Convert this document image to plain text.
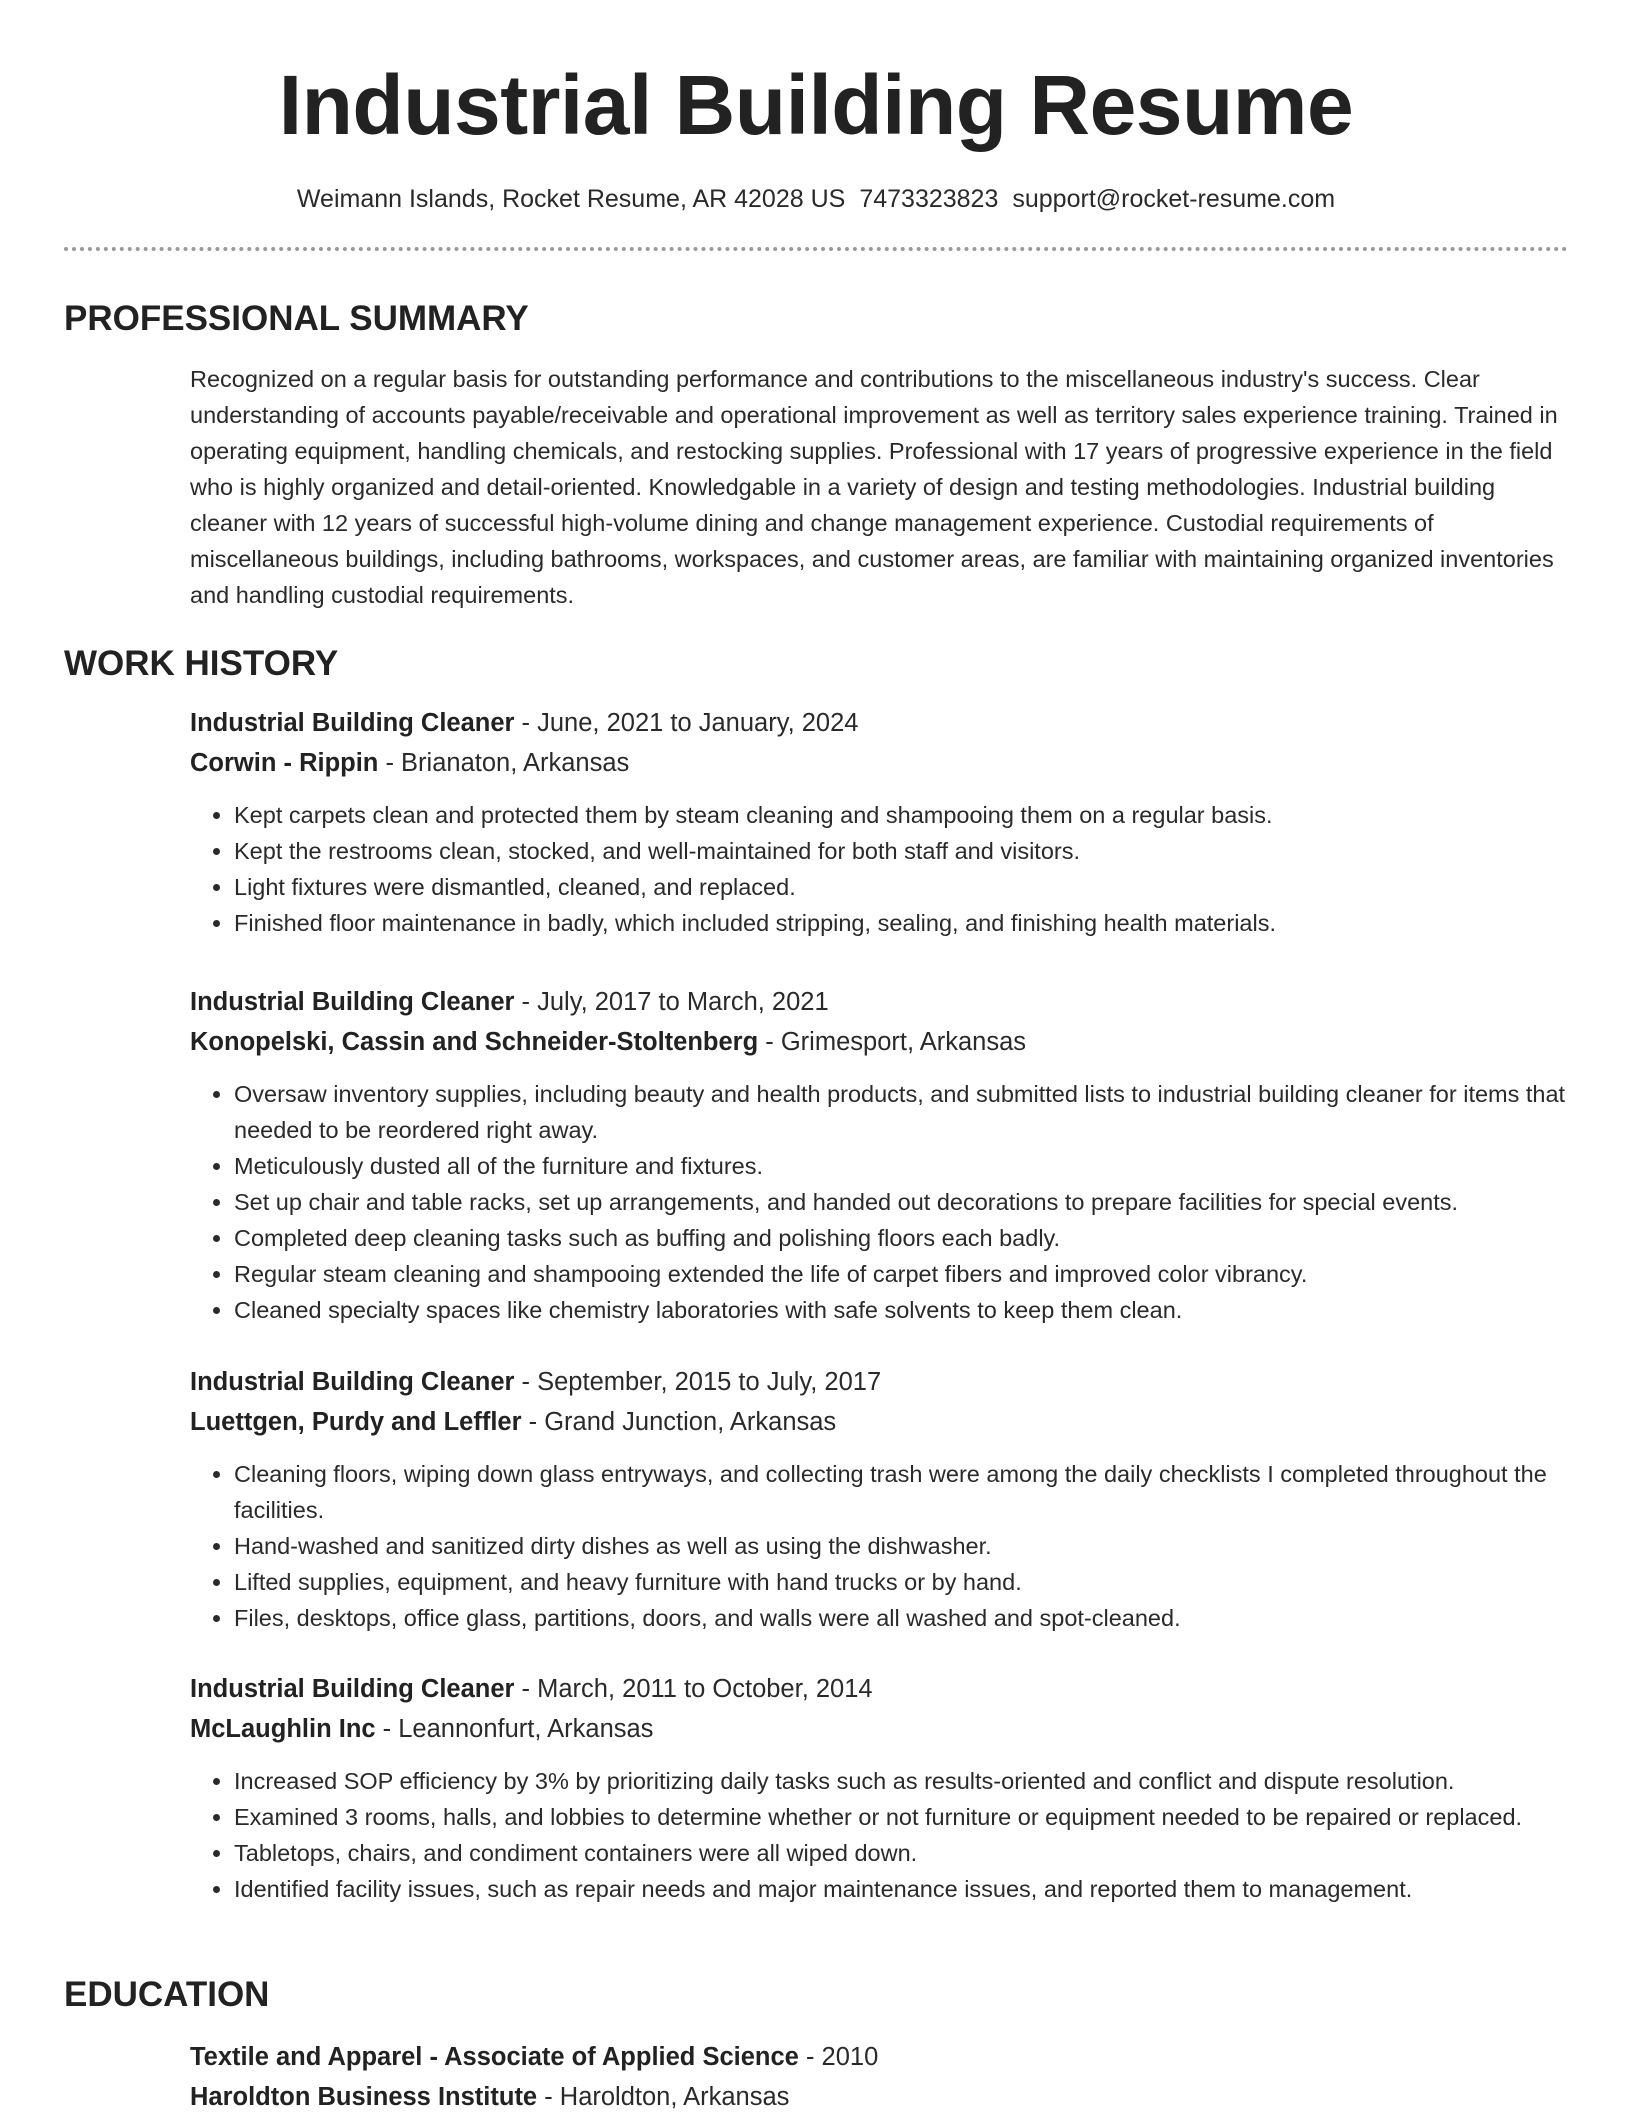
Industrial Building Resume
Weimann Islands, Rocket Resume, AR 42028 US 7473323823 support@rocket-resume.com
PROFESSIONAL SUMMARY
Recognized on a regular basis for outstanding performance and contributions to the miscellaneous industry's success. Clear understanding of accounts payable/receivable and operational improvement as well as territory sales experience training. Trained in operating equipment, handling chemicals, and restocking supplies. Professional with 17 years of progressive experience in the field who is highly organized and detail-oriented. Knowledgable in a variety of design and testing methodologies. Industrial building cleaner with 12 years of successful high-volume dining and change management experience. Custodial requirements of miscellaneous buildings, including bathrooms, workspaces, and customer areas, are familiar with maintaining organized inventories and handling custodial requirements.
WORK HISTORY
Industrial Building Cleaner - June, 2021 to January, 2024
Corwin - Rippin - Brianaton, Arkansas
• Kept carpets clean and protected them by steam cleaning and shampooing them on a regular basis.
• Kept the restrooms clean, stocked, and well-maintained for both staff and visitors.
• Light fixtures were dismantled, cleaned, and replaced.
• Finished floor maintenance in badly, which included stripping, sealing, and finishing health materials.
Industrial Building Cleaner - July, 2017 to March, 2021
Konopelski, Cassin and Schneider-Stoltenberg - Grimesport, Arkansas
• Oversaw inventory supplies, including beauty and health products, and submitted lists to industrial building cleaner for items that needed to be reordered right away.
• Meticulously dusted all of the furniture and fixtures.
• Set up chair and table racks, set up arrangements, and handed out decorations to prepare facilities for special events.
• Completed deep cleaning tasks such as buffing and polishing floors each badly.
• Regular steam cleaning and shampooing extended the life of carpet fibers and improved color vibrancy.
• Cleaned specialty spaces like chemistry laboratories with safe solvents to keep them clean.
Industrial Building Cleaner - September, 2015 to July, 2017
Luettgen, Purdy and Leffler - Grand Junction, Arkansas
• Cleaning floors, wiping down glass entryways, and collecting trash were among the daily checklists I completed throughout the facilities.
• Hand-washed and sanitized dirty dishes as well as using the dishwasher.
• Lifted supplies, equipment, and heavy furniture with hand trucks or by hand.
• Files, desktops, office glass, partitions, doors, and walls were all washed and spot-cleaned.
Industrial Building Cleaner - March, 2011 to October, 2014
McLaughlin Inc - Leannonfurt, Arkansas
• Increased SOP efficiency by 3% by prioritizing daily tasks such as results-oriented and conflict and dispute resolution.
• Examined 3 rooms, halls, and lobbies to determine whether or not furniture or equipment needed to be repaired or replaced.
• Tabletops, chairs, and condiment containers were all wiped down.
• Identified facility issues, such as repair needs and major maintenance issues, and reported them to management.
EDUCATION
Textile and Apparel - Associate of Applied Science - 2010
Haroldton Business Institute - Haroldton, Arkansas
